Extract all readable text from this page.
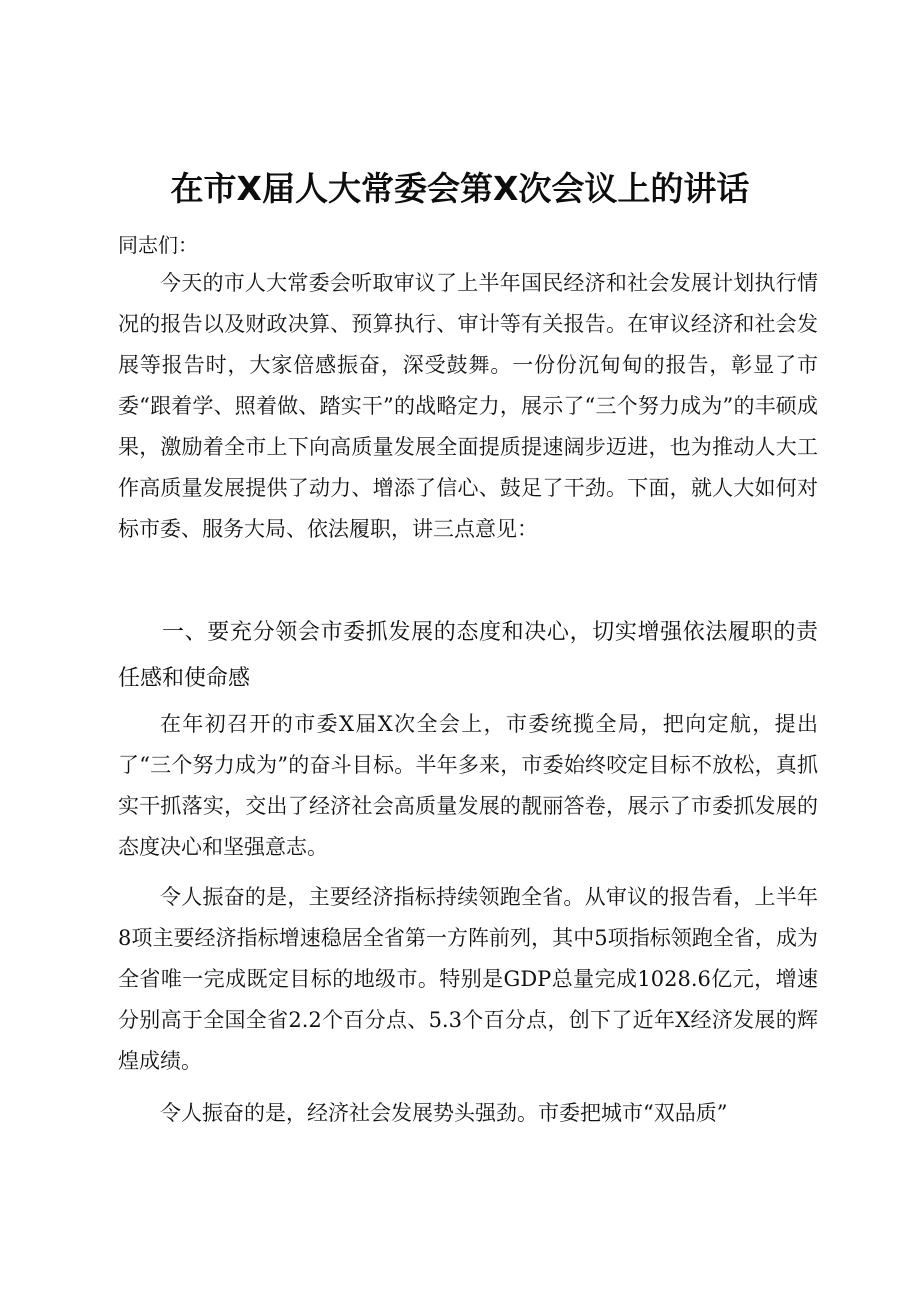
在市X届人大常委会第X次会议上的讲话

同志们：

今天的市人大常委会听取审议了上半年国民经济和社会发展计划执行情况的报告以及财政决算、预算执行、审计等有关报告。在审议经济和社会发展等报告时，大家倍感振奋，深受鼓舞。一份份沉甸甸的报告，彰显了市委“跟着学、照着做、踏实干”的战略定力，展示了“三个努力成为”的丰硕成果，激励着全市上下向高质量发展全面提质提速阔步迈进，也为推动人大工作高质量发展提供了动力、增添了信心、鼓足了干劲。下面，就人大如何对标市委、服务大局、依法履职，讲三点意见：

一、要充分领会市委抓发展的态度和决心，切实增强依法履职的责任感和使命感

在年初召开的市委X届X次全会上，市委统揽全局，把向定航，提出了“三个努力成为”的奋斗目标。半年多来，市委始终咬定目标不放松，真抓实干抓落实，交出了经济社会高质量发展的靓丽答卷，展示了市委抓发展的态度决心和坚强意志。

令人振奋的是，主要经济指标持续领跑全省。从审议的报告看，上半年8项主要经济指标增速稳居全省第一方阵前列，其中5项指标领跑全省，成为全省唯一完成既定目标的地级市。特别是GDP总量完成1028.6亿元，增速分别高于全国全省2.2个百分点、5.3个百分点，创下了近年X经济发展的辉煌成绩。

令人振奋的是，经济社会发展势头强劲。市委把城市“双品质”
